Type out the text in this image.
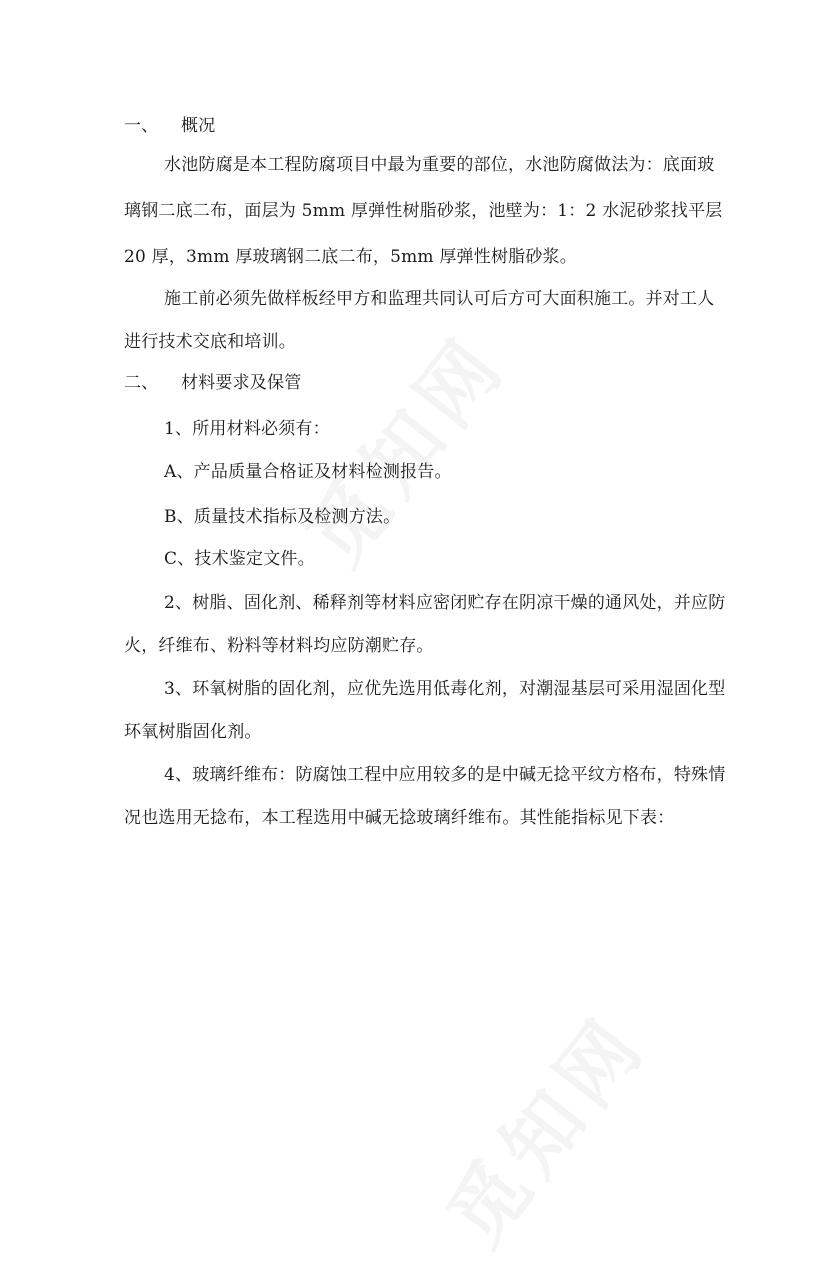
一、 概况
水池防腐是本工程防腐项目中最为重要的部位，水池防腐做法为：底面玻
璃钢二底二布，面层为 5mm 厚弹性树脂砂浆，池壁为：1：2 水泥砂浆找平层
20 厚，3mm 厚玻璃钢二底二布，5mm 厚弹性树脂砂浆。
施工前必须先做样板经甲方和监理共同认可后方可大面积施工。并对工人
进行技术交底和培训。
二、 材料要求及保管
1、所用材料必须有：
A、产品质量合格证及材料检测报告。
B、质量技术指标及检测方法。
C、技术鉴定文件。
2、树脂、固化剂、稀释剂等材料应密闭贮存在阴凉干燥的通风处，并应防
火，纤维布、粉料等材料均应防潮贮存。
3、环氧树脂的固化剂，应优先选用低毒化剂，对潮湿基层可采用湿固化型
环氧树脂固化剂。
4、玻璃纤维布：防腐蚀工程中应用较多的是中碱无捻平纹方格布，特殊情
况也选用无捻布，本工程选用中碱无捻玻璃纤维布。其性能指标见下表：
